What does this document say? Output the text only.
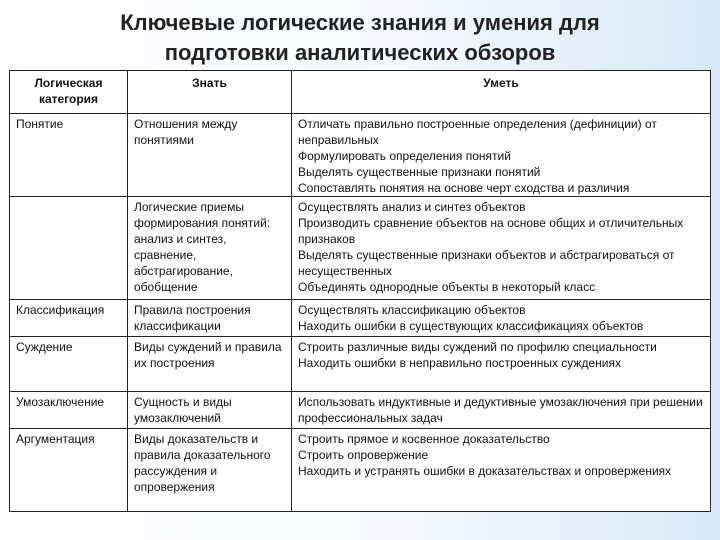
Ключевые логические знания и умения для
подготовки аналитических обзоров
Логическая категория	Знать	Уметь
Понятие	Отношения между понятиями	Отличать правильно построенные определения (дефиниции) от неправильных
Формулировать определения понятий
Выделять существенные признаки понятий
Сопоставлять понятия на основе черт сходства и различия

	Логические приемы формирования понятий: анализ и синтез, сравнение, абстрагирование, обобщение	Осуществлять анализ и синтез объектов
Производить сравнение объектов на основе общих и отличительных признаков
Выделять существенные признаки объектов и абстрагироваться от несущественных
Объединять однородные объекты в некоторый класс

Классификация	Правила построения классификации	Осуществлять классификацию объектов
Находить ошибки в существующих классификациях объектов

Суждение	Виды суждений и правила их построения	Строить различные виды суждений по профилю специальности
Находить ошибки в неправильно построенных суждениях

Умозаключение	Сущность и виды умозаключений	Использовать индуктивные и дедуктивные умозаключения при решении профессиональных задач

Аргументация	Виды доказательств и правила доказательного рассуждения и опровержения	Строить прямое и косвенное доказательство
Строить опровержение
Находить и устранять ошибки в доказательствах и опровержениях
